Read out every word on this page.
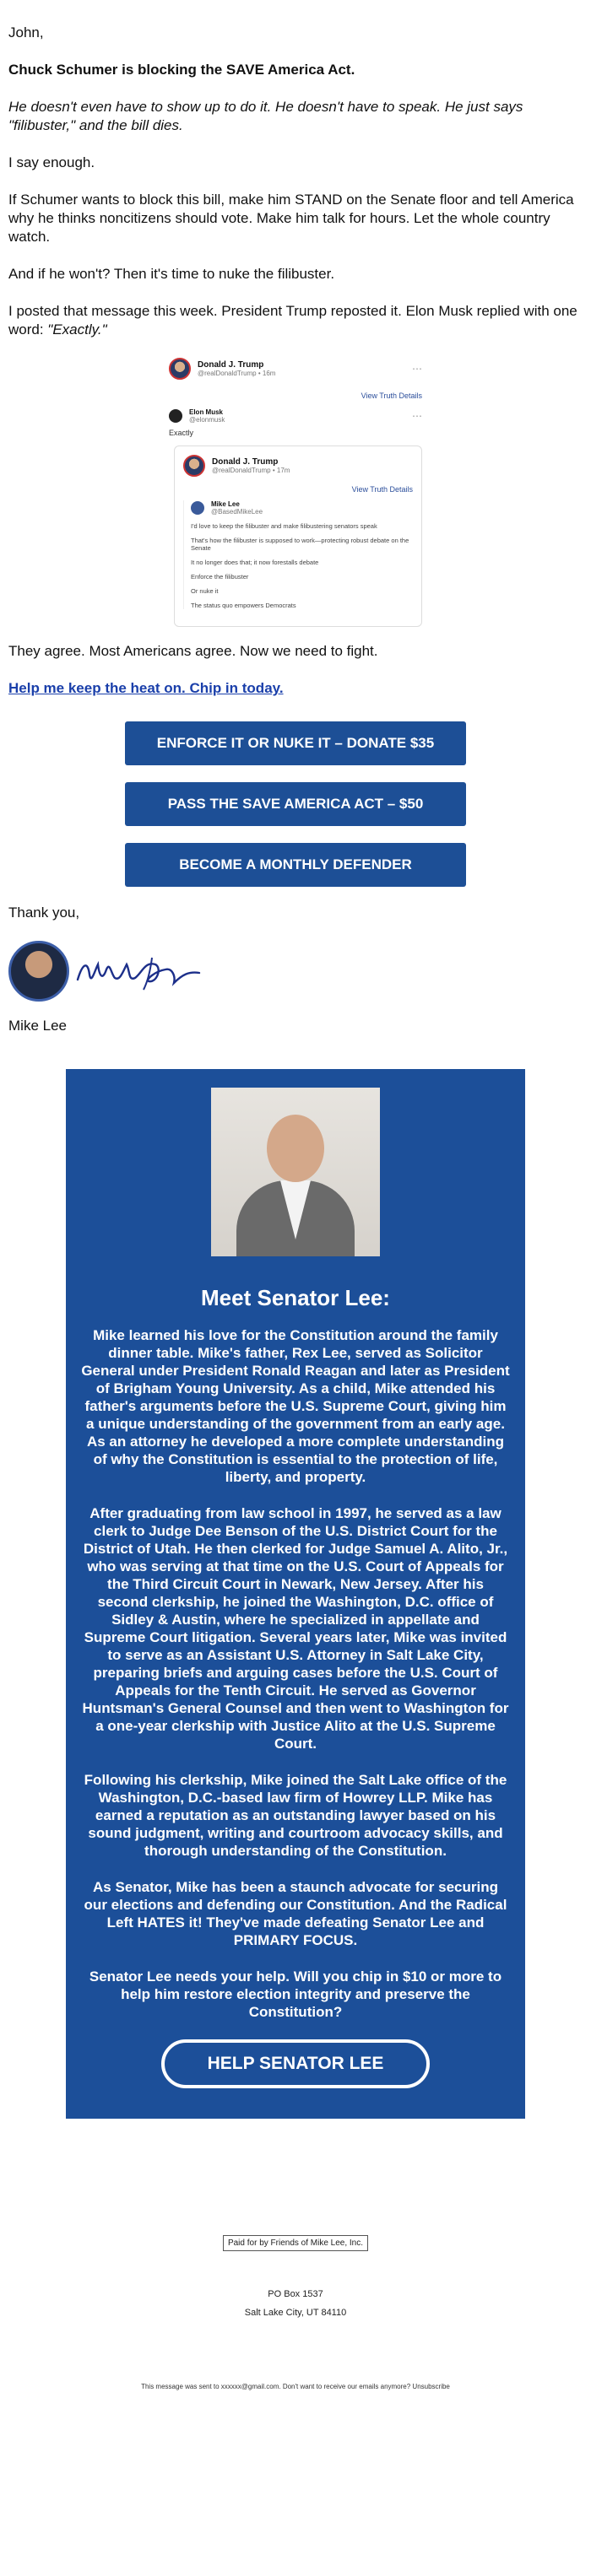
John,

Chuck Schumer is blocking the SAVE America Act.

He doesn't even have to show up to do it. He doesn't have to speak. He just says "filibuster," and the bill dies.

I say enough.

If Schumer wants to block this bill, make him STAND on the Senate floor and tell America why he thinks noncitizens should vote. Make him talk for hours. Let the whole country watch.

And if he won't? Then it's time to nuke the filibuster.

I posted that message this week. President Trump reposted it. Elon Musk replied with one word: "Exactly."

Donald J. Trump
@realDonaldTrump • 16m	⋯
View Truth Details
Elon Musk
@elonmusk	⋯
Exactly
Donald J. Trump
@realDonaldTrump • 17m
View Truth Details
Mike Lee
@BasedMikeLee
I'd love to keep the filibuster and make filibustering senators speak
That's how the filibuster is supposed to work—protecting robust debate on the Senate
It no longer does that; it now forestalls debate
Enforce the filibuster
Or nuke it
The status quo empowers Democrats

They agree. Most Americans agree. Now we need to fight.

Help me keep the heat on. Chip in today.

ENFORCE IT OR NUKE IT – DONATE $35
PASS THE SAVE AMERICA ACT – $50
BECOME A MONTHLY DEFENDER

Thank you,

Mike Lee

Meet Senator Lee:

Mike learned his love for the Constitution around the family dinner table. Mike's father, Rex Lee, served as Solicitor General under President Ronald Reagan and later as President of Brigham Young University. As a child, Mike attended his father's arguments before the U.S. Supreme Court, giving him a unique understanding of the government from an early age. As an attorney he developed a more complete understanding of why the Constitution is essential to the protection of life, liberty, and property.

After graduating from law school in 1997, he served as a law clerk to Judge Dee Benson of the U.S. District Court for the District of Utah. He then clerked for Judge Samuel A. Alito, Jr., who was serving at that time on the U.S. Court of Appeals for the Third Circuit Court in Newark, New Jersey. After his second clerkship, he joined the Washington, D.C. office of Sidley & Austin, where he specialized in appellate and Supreme Court litigation. Several years later, Mike was invited to serve as an Assistant U.S. Attorney in Salt Lake City, preparing briefs and arguing cases before the U.S. Court of Appeals for the Tenth Circuit. He served as Governor Huntsman's General Counsel and then went to Washington for a one-year clerkship with Justice Alito at the U.S. Supreme Court.

Following his clerkship, Mike joined the Salt Lake office of the Washington, D.C.-based law firm of Howrey LLP. Mike has earned a reputation as an outstanding lawyer based on his sound judgment, writing and courtroom advocacy skills, and thorough understanding of the Constitution.

As Senator, Mike has been a staunch advocate for securing our elections and defending our Constitution. And the Radical Left HATES it! They've made defeating Senator Lee and PRIMARY FOCUS.

Senator Lee needs your help. Will you chip in $10 or more to help him restore election integrity and preserve the Constitution?

HELP SENATOR LEE
Paid for by Friends of Mike Lee, Inc.
PO Box 1537
Salt Lake City, UT 84110
This message was sent to xxxxxx@gmail.com. Don't want to receive our emails anymore? Unsubscribe
